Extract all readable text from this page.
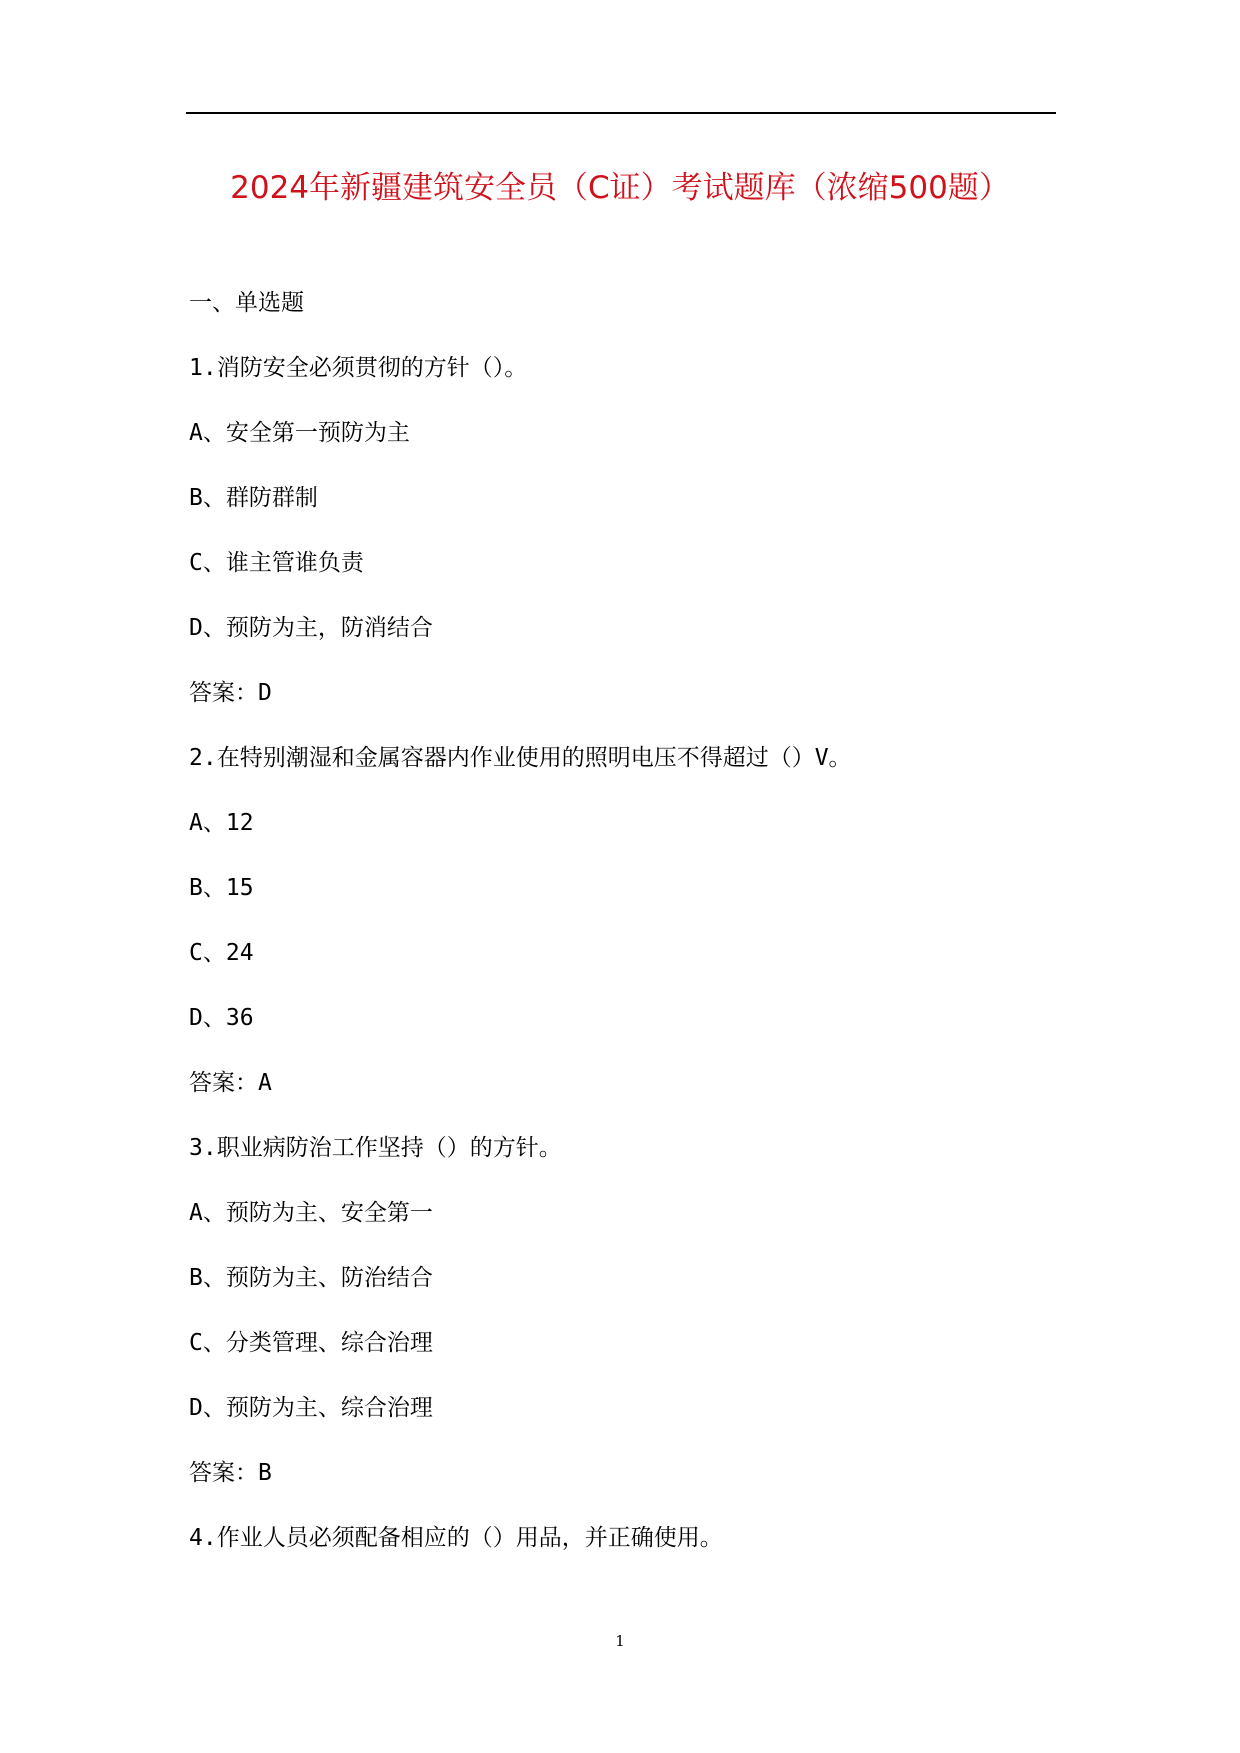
2024年新疆建筑安全员（C证）考试题库（浓缩500题）
一、单选题
1.消防安全必须贯彻的方针（）。
A、安全第一预防为主
B、群防群制
C、谁主管谁负责
D、预防为主，防消结合
答案：D
2.在特别潮湿和金属容器内作业使用的照明电压不得超过（）V。
A、12
B、15
C、24
D、36
答案：A
3.职业病防治工作坚持（）的方针。
A、预防为主、安全第一
B、预防为主、防治结合
C、分类管理、综合治理
D、预防为主、综合治理
答案：B
4.作业人员必须配备相应的（）用品，并正确使用。
1
